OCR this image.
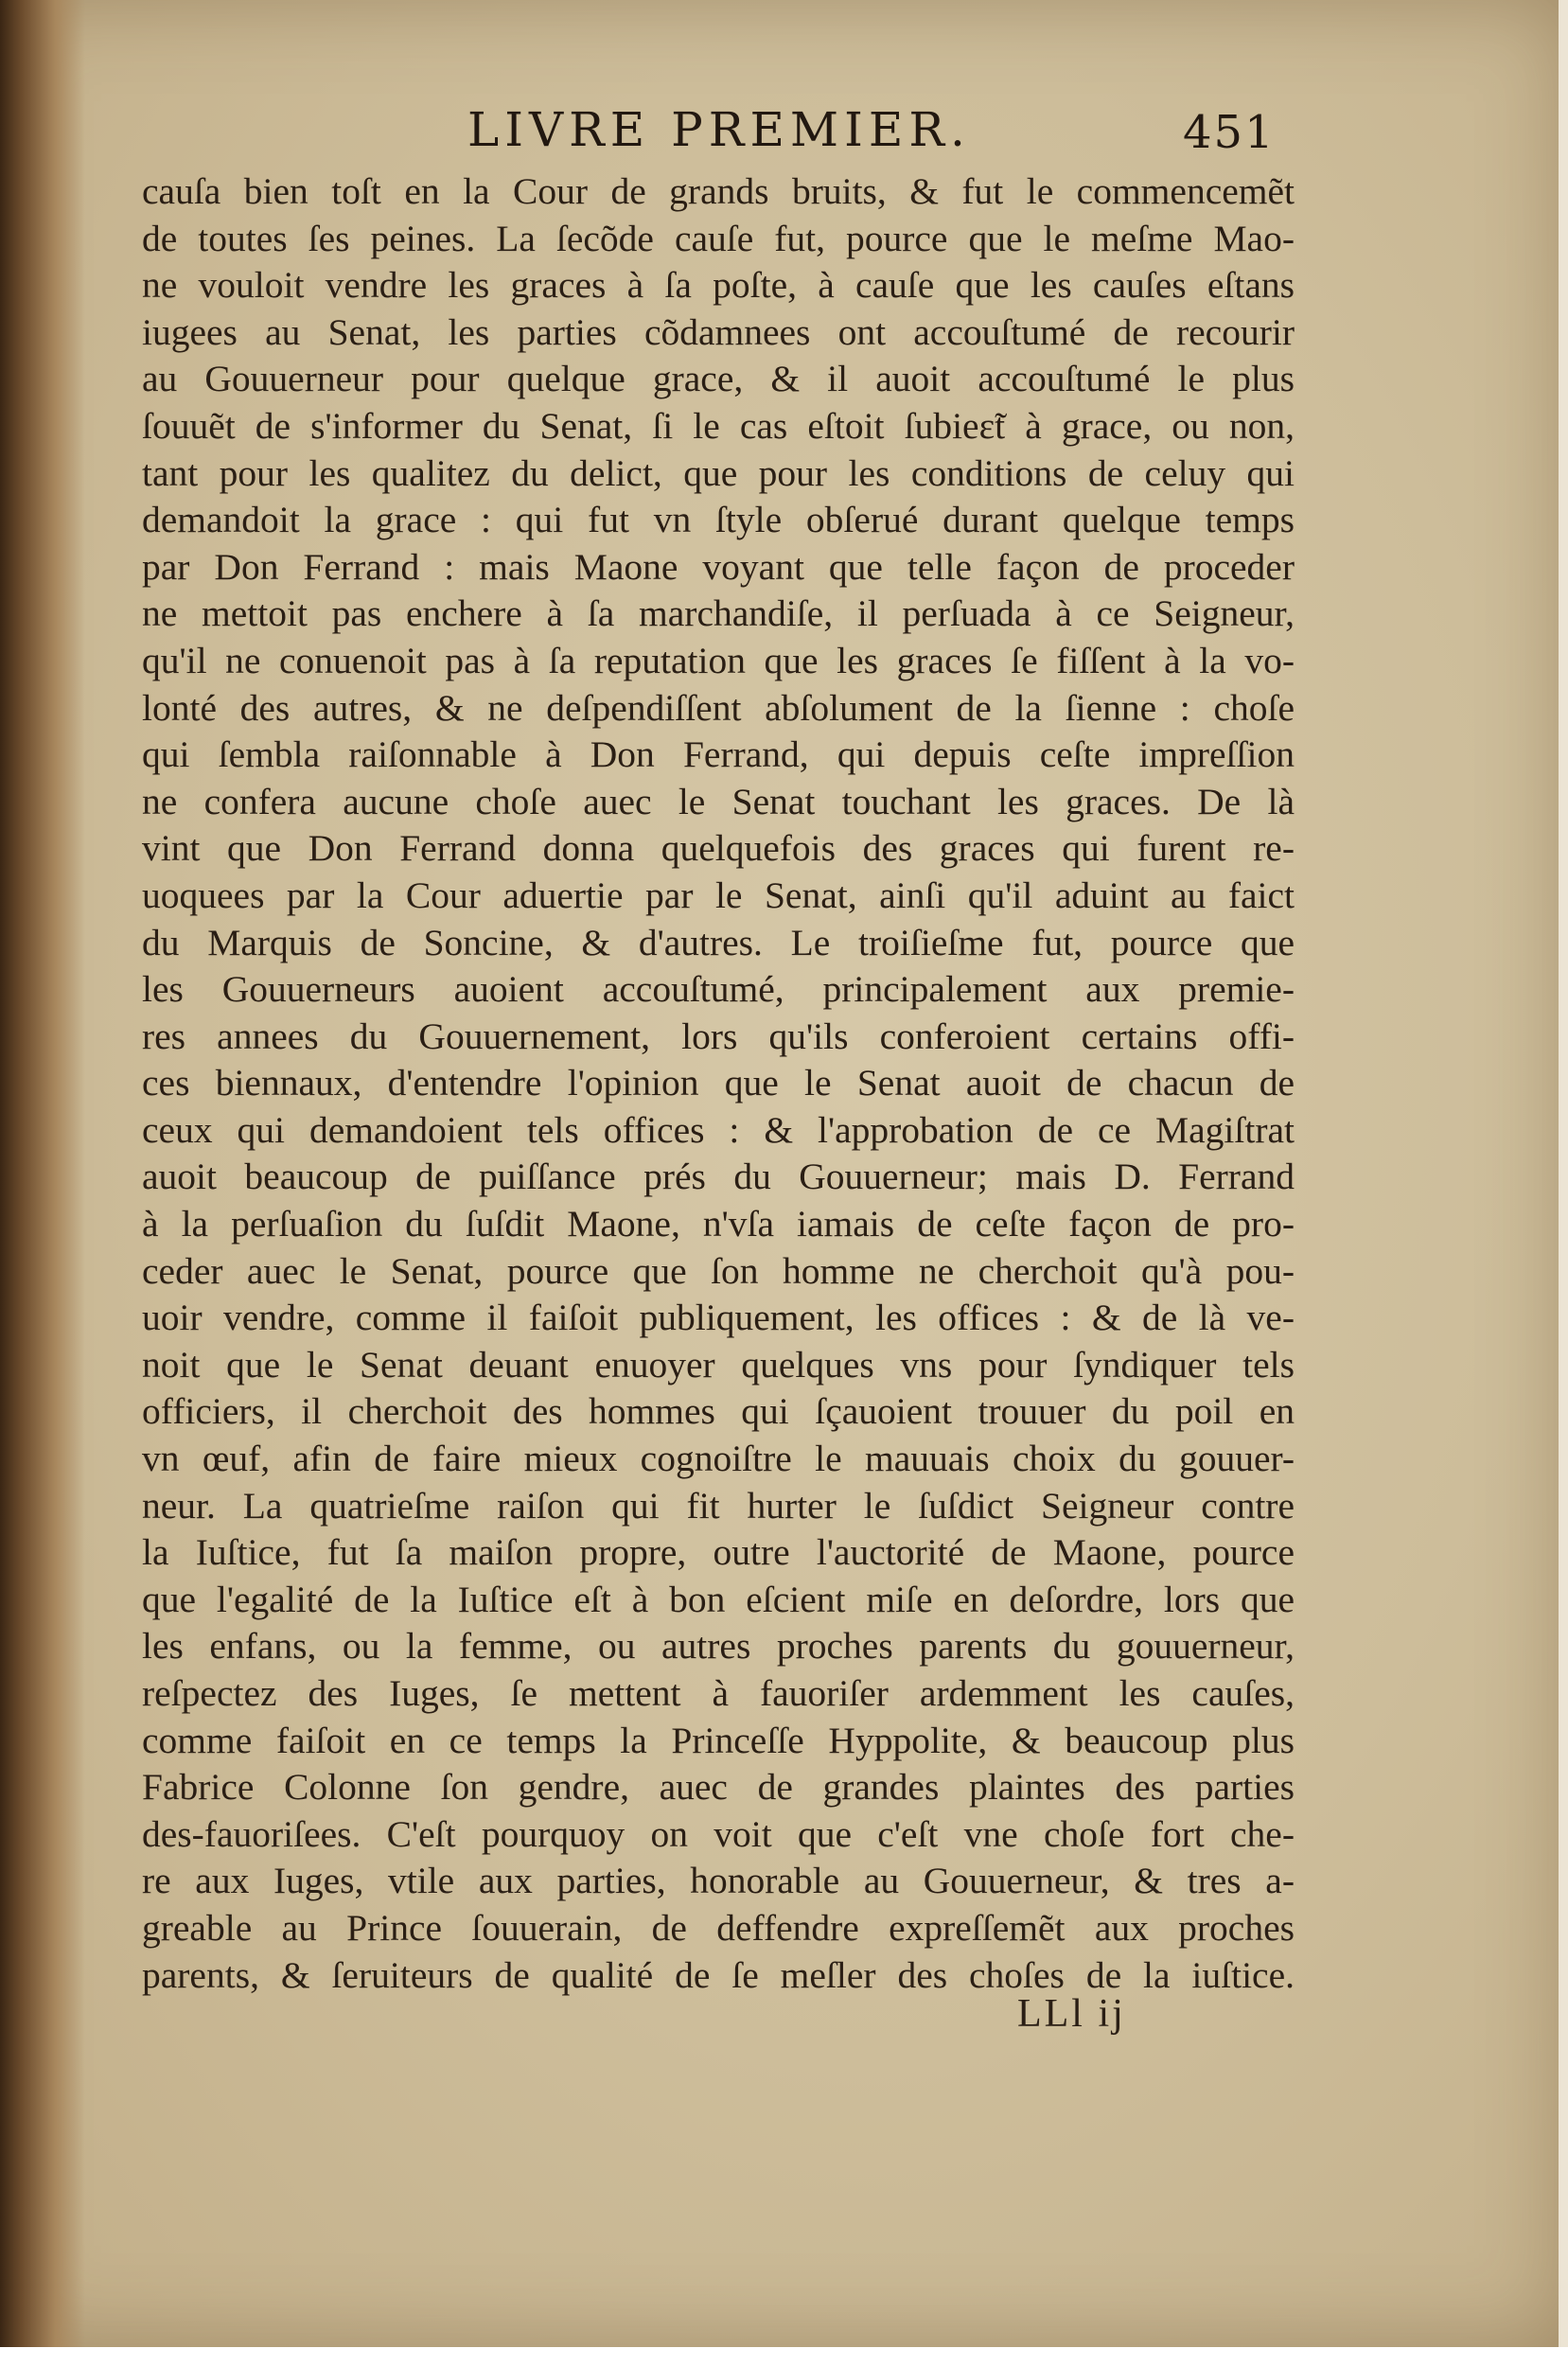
LIVRE PREMIER.	451
cauſa bien toſt en la Cour de grands bruits, & fut le commencemẽt
de toutes ſes peines. La ſecõde cauſe fut, pource que le meſme Mao-
ne vouloit vendre les graces à ſa poſte, à cauſe que les cauſes eſtans
iugees au Senat, les parties cõdamnees ont accouſtumé de recourir
au Gouuerneur pour quelque grace, & il auoit accouſtumé le plus
ſouuẽt de s'informer du Senat, ſi le cas eſtoit ſubieɛ̃t à grace, ou non,
tant pour les qualitez du delict, que pour les conditions de celuy qui
demandoit la grace : qui fut vn ſtyle obſerué durant quelque temps
par Don Ferrand : mais Maone voyant que telle façon de proceder
ne mettoit pas enchere à ſa marchandiſe, il perſuada à ce Seigneur,
qu'il ne conuenoit pas à ſa reputation que les graces ſe fiſſent à la vo-
lonté des autres, & ne deſpendiſſent abſolument de la ſienne : choſe
qui ſembla raiſonnable à Don Ferrand, qui depuis ceſte impreſſion
ne confera aucune choſe auec le Senat touchant les graces. De là
vint que Don Ferrand donna quelquefois des graces qui furent re-
uoquees par la Cour aduertie par le Senat, ainſi qu'il aduint au faict
du Marquis de Soncine, & d'autres. Le troiſieſme fut, pource que
les Gouuerneurs auoient accouſtumé, principalement aux premie-
res annees du Gouuernement, lors qu'ils conferoient certains offi-
ces biennaux, d'entendre l'opinion que le Senat auoit de chacun de
ceux qui demandoient tels offices : & l'approbation de ce Magiſtrat
auoit beaucoup de puiſſance prés du Gouuerneur; mais D. Ferrand
à la perſuaſion du ſuſdit Maone, n'vſa iamais de ceſte façon de pro-
ceder auec le Senat, pource que ſon homme ne cherchoit qu'à pou-
uoir vendre, comme il faiſoit publiquement, les offices : & de là ve-
noit que le Senat deuant enuoyer quelques vns pour ſyndiquer tels
officiers, il cherchoit des hommes qui ſçauoient trouuer du poil en
vn œuf, afin de faire mieux cognoiſtre le mauuais choix du gouuer-
neur. La quatrieſme raiſon qui fit hurter le ſuſdict Seigneur contre
la Iuſtice, fut ſa maiſon propre, outre l'auctorité de Maone, pource
que l'egalité de la Iuſtice eſt à bon eſcient miſe en deſordre, lors que
les enfans, ou la femme, ou autres proches parents du gouuerneur,
reſpectez des Iuges, ſe mettent à fauoriſer ardemment les cauſes,
comme faiſoit en ce temps la Princeſſe Hyppolite, & beaucoup plus
Fabrice Colonne ſon gendre, auec de grandes plaintes des parties
des-fauoriſees. C'eſt pourquoy on voit que c'eſt vne choſe fort che-
re aux Iuges, vtile aux parties, honorable au Gouuerneur, & tres a-
greable au Prince ſouuerain, de deffendre expreſſemẽt aux proches
parents, & ſeruiteurs de qualité de ſe meſler des choſes de la iuſtice.
LLl ij
